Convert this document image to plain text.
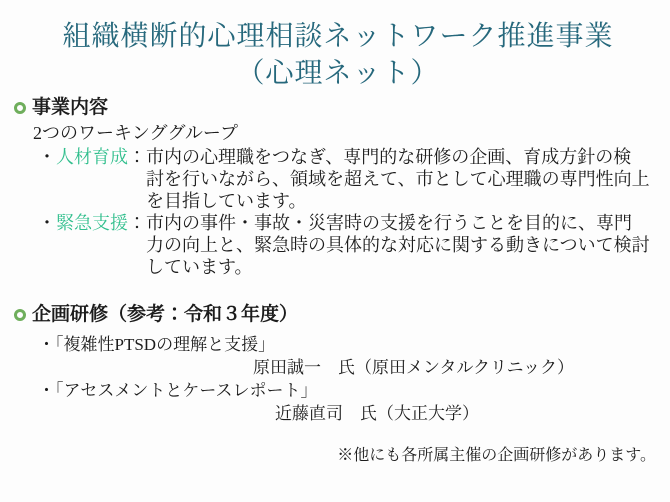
組織横断的心理相談ネットワーク推進事業
（心理ネット）
事業内容
2つのワーキンググループ
・人材育成： 市内の心理職をつなぎ、専門的な研修の企画、育成方針の検
討を行いながら、領域を超えて、市として心理職の専門性向上
を目指しています。
・緊急支援： 市内の事件・事故・災害時の支援を行うことを目的に、専門
力の向上と、緊急時の具体的な対応に関する動きについて検討
しています。
企画研修（参考：令和３年度）
・「複雑性PTSDの理解と支援」
原田誠一　氏（原田メンタルクリニック）
・「アセスメントとケースレポート」
近藤直司　氏（大正大学）
※他にも各所属主催の企画研修があります。
